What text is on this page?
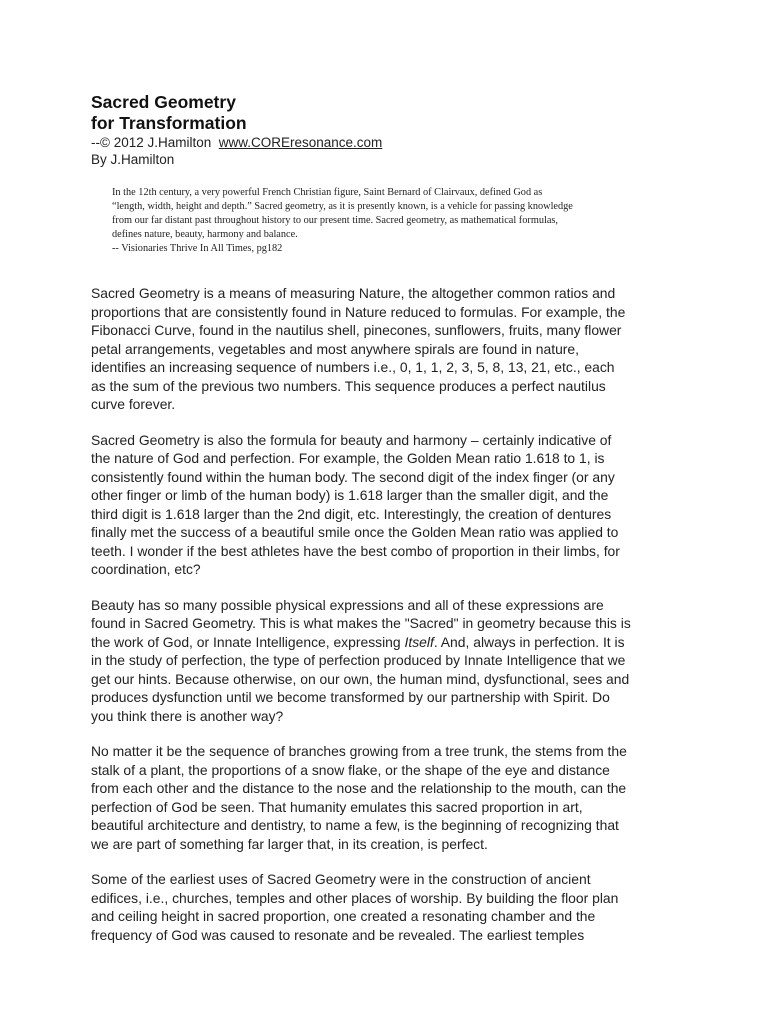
Sacred Geometry
for Transformation
--© 2012 J.Hamilton  www.COREresonance.com
By J.Hamilton
In the 12th century, a very powerful French Christian figure, Saint Bernard of Clairvaux, defined God as
“length, width, height and depth.” Sacred geometry, as it is presently known, is a vehicle for passing knowledge
from our far distant past throughout history to our present time. Sacred geometry, as mathematical formulas,
defines nature, beauty, harmony and balance.
-- Visionaries Thrive In All Times, pg182
Sacred Geometry is a means of measuring Nature, the altogether common ratios and
proportions that are consistently found in Nature reduced to formulas. For example, the
Fibonacci Curve, found in the nautilus shell, pinecones, sunflowers, fruits, many flower
petal arrangements, vegetables and most anywhere spirals are found in nature,
identifies an increasing sequence of numbers i.e., 0, 1, 1, 2, 3, 5, 8, 13, 21, etc., each
as the sum of the previous two numbers. This sequence produces a perfect nautilus
curve forever.
Sacred Geometry is also the formula for beauty and harmony – certainly indicative of
the nature of God and perfection. For example, the Golden Mean ratio 1.618 to 1, is
consistently found within the human body. The second digit of the index finger (or any
other finger or limb of the human body) is 1.618 larger than the smaller digit, and the
third digit is 1.618 larger than the 2nd digit, etc. Interestingly, the creation of dentures
finally met the success of a beautiful smile once the Golden Mean ratio was applied to
teeth. I wonder if the best athletes have the best combo of proportion in their limbs, for
coordination, etc?
Beauty has so many possible physical expressions and all of these expressions are
found in Sacred Geometry. This is what makes the "Sacred" in geometry because this is
the work of God, or Innate Intelligence, expressing Itself. And, always in perfection. It is
in the study of perfection, the type of perfection produced by Innate Intelligence that we
get our hints. Because otherwise, on our own, the human mind, dysfunctional, sees and
produces dysfunction until we become transformed by our partnership with Spirit. Do
you think there is another way?
No matter it be the sequence of branches growing from a tree trunk, the stems from the
stalk of a plant, the proportions of a snow flake, or the shape of the eye and distance
from each other and the distance to the nose and the relationship to the mouth, can the
perfection of God be seen. That humanity emulates this sacred proportion in art,
beautiful architecture and dentistry, to name a few, is the beginning of recognizing that
we are part of something far larger that, in its creation, is perfect.
Some of the earliest uses of Sacred Geometry were in the construction of ancient
edifices, i.e., churches, temples and other places of worship. By building the floor plan
and ceiling height in sacred proportion, one created a resonating chamber and the
frequency of God was caused to resonate and be revealed. The earliest temples
